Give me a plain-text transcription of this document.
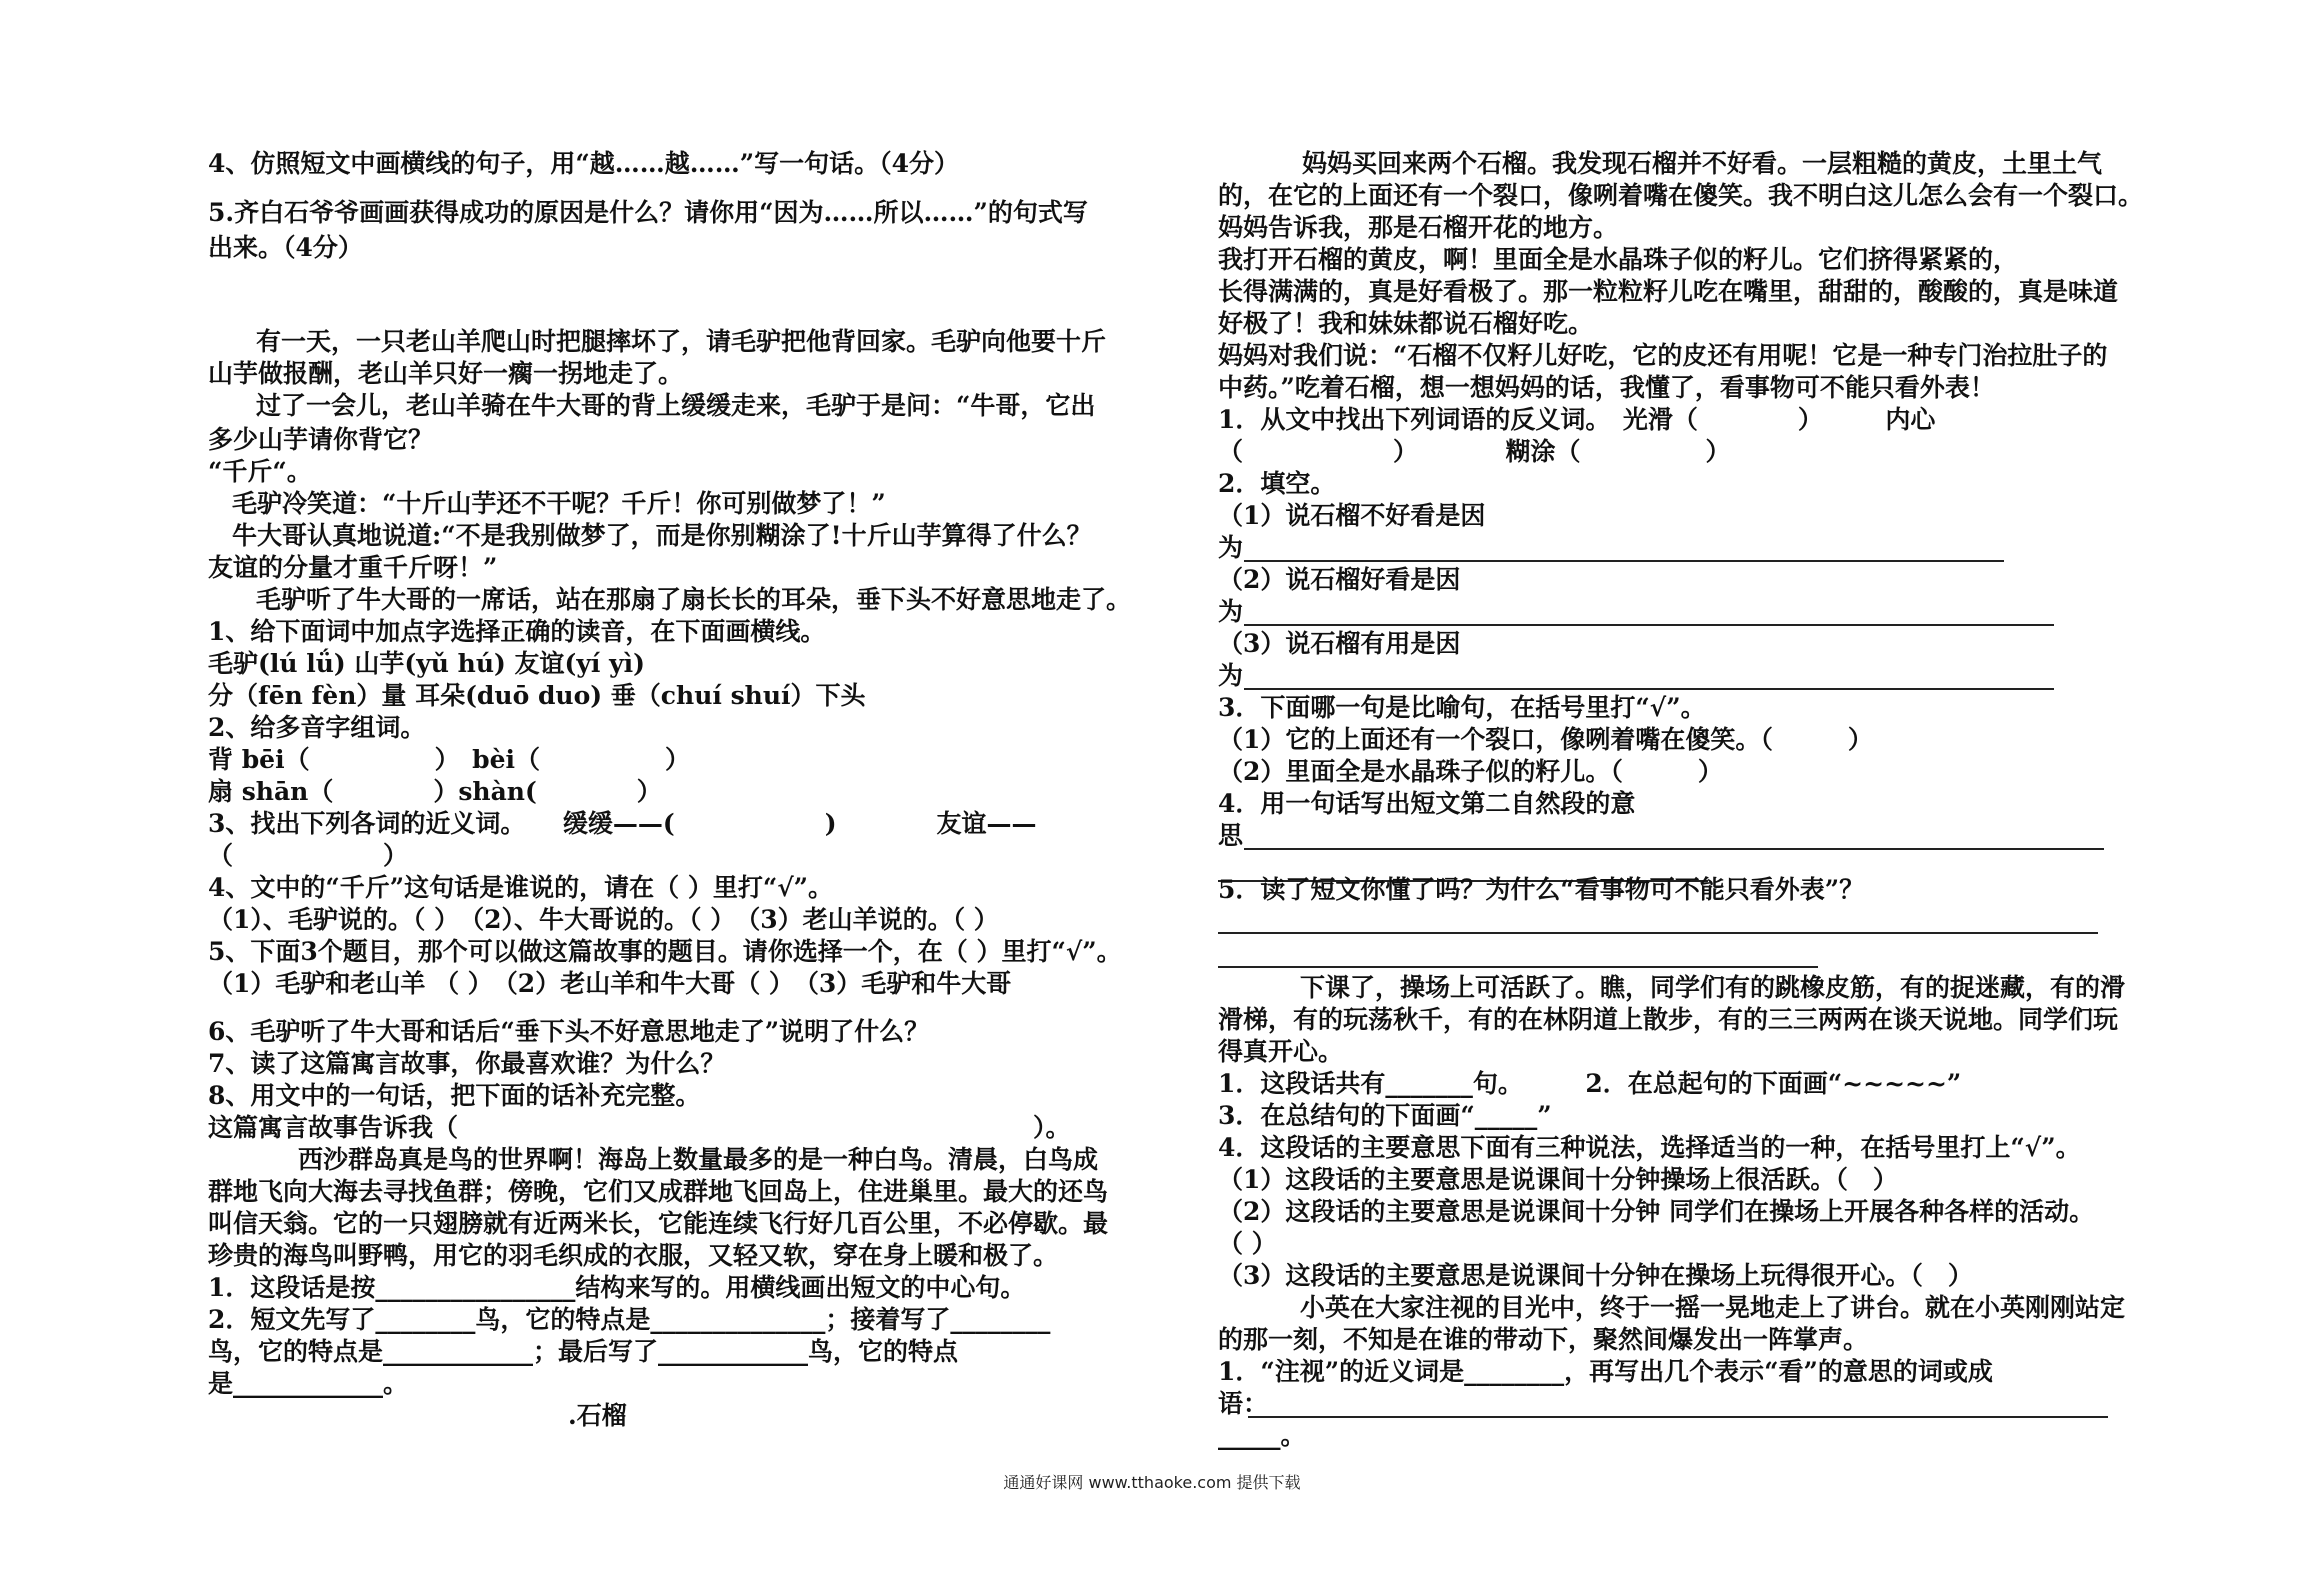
4、仿照短文中画横线的句子，用“越……越……”写一句话。（4分）
5.齐白石爷爷画画获得成功的原因是什么？请你用“因为……所以……”的句式写
出来。（4分）
有一天，一只老山羊爬山时把腿摔坏了，请毛驴把他背回家。毛驴向他要十斤
山芋做报酬，老山羊只好一瘸一拐地走了。
过了一会儿，老山羊骑在牛大哥的背上缓缓走来，毛驴于是问：“牛哥，它出
多少山芋请你背它？
“千斤“。
毛驴冷笑道：“十斤山芋还不干呢？千斤！你可别做梦了！”
牛大哥认真地说道:“不是我别做梦了，而是你别糊涂了!十斤山芋算得了什么？
友谊的分量才重千斤呀！”
毛驴听了牛大哥的一席话，站在那扇了扇长长的耳朵，垂下头不好意思地走了。
1、给下面词中加点字选择正确的读音，在下面画横线。
毛驴(lú lǘ) 山芋(yǔ hú) 友谊(yí yì)
分（fēn fèn）量 耳朵(duō duo) 垂（chuí shuí）下头
2、给多音字组词。
背 bēi（　　　　　）　bèi（　　　　　）
扇 shān（　　　　）shàn(　　　　）
3、找出下列各词的近义词。　　缓缓——(　　　　　　)　　　　友谊——
（　　　　　　）
4、文中的“千斤”这句话是谁说的，请在（ ）里打“√”。
（1）、毛驴说的。（ ）　（2）、牛大哥说的。（ ）　（3）老山羊说的。（ ）
5、下面3个题目，那个可以做这篇故事的题目。请你选择一个，在（ ）里打“√”。
（1）毛驴和老山羊 （ ）　（2）老山羊和牛大哥（ ）　（3）毛驴和牛大哥
6、毛驴听了牛大哥和话后“垂下头不好意思地走了”说明了什么？
7、读了这篇寓言故事，你最喜欢谁？为什么？
8、用文中的一句话，把下面的话补充完整。
这篇寓言故事告诉我（　　　　　　　　　　　　　　　　　　　　　　　）。
西沙群岛真是鸟的世界啊！海岛上数量最多的是一种白鸟。清晨，白鸟成
群地飞向大海去寻找鱼群；傍晚，它们又成群地飞回岛上，住进巢里。最大的还鸟
叫信天翁。它的一只翅膀就有近两米长，它能连续飞行好几百公里，不必停歇。最
珍贵的海鸟叫野鸭，用它的羽毛织成的衣服，又轻又软，穿在身上暖和极了。
1．这段话是按________________结构来写的。用横线画出短文的中心句。
2．短文先写了________鸟，它的特点是______________；接着写了________
鸟，它的特点是____________；最后写了____________鸟，它的特点
是____________。
.石榴
妈妈买回来两个石榴。我发现石榴并不好看。一层粗糙的黄皮，土里土气
的，在它的上面还有一个裂口，像咧着嘴在傻笑。我不明白这儿怎么会有一个裂口。
妈妈告诉我，那是石榴开花的地方。
我打开石榴的黄皮，啊！里面全是水晶珠子似的籽儿。它们挤得紧紧的，
长得满满的，真是好看极了。那一粒粒籽儿吃在嘴里，甜甜的，酸酸的，真是味道
好极了！我和妹妹都说石榴好吃。
妈妈对我们说：“石榴不仅籽儿好吃，它的皮还有用呢！它是一种专门治拉肚子的
中药。”吃着石榴，想一想妈妈的话，我懂了，看事物可不能只看外表！
1．从文中找出下列词语的反义词。　光滑（　　　　）　　　内心
（　　　　　　）　　　　糊涂（　　　　　）
2．填空。
（1）说石榴不好看是因
为
（2）说石榴好看是因
为
（3）说石榴有用是因
为
3．下面哪一句是比喻句，在括号里打“√”。
（1）它的上面还有一个裂口，像咧着嘴在傻笑。（　　　）
（2）里面全是水晶珠子似的籽儿。（　　　）
4．用一句话写出短文第二自然段的意
思
5．读了短文你懂了吗？为什么“看事物可不能只看外表”？
下课了，操场上可活跃了。瞧，同学们有的跳橡皮筋，有的捉迷藏，有的滑
滑梯，有的玩荡秋千，有的在林阴道上散步，有的三三两两在谈天说地。同学们玩
得真开心。
1．这段话共有_______句。　　　2．在总起句的下面画“~~~~~”
3．在总结句的下面画“_____”
4．这段话的主要意思下面有三种说法，选择适当的一种，在括号里打上“√”。
（1）这段话的主要意思是说课间十分钟操场上很活跃。（　）
（2）这段话的主要意思是说课间十分钟 同学们在操场上开展各种各样的活动。
（ ）
（3）这段话的主要意思是说课间十分钟在操场上玩得很开心。（　）
小英在大家注视的目光中，终于一摇一晃地走上了讲台。就在小英刚刚站定
的那一刻，不知是在谁的带动下，聚然间爆发出一阵掌声。
1．“注视”的近义词是________，再写出几个表示“看”的意思的词或成
语：
_____。
通通好课网 www.tthaoke.com 提供下载
